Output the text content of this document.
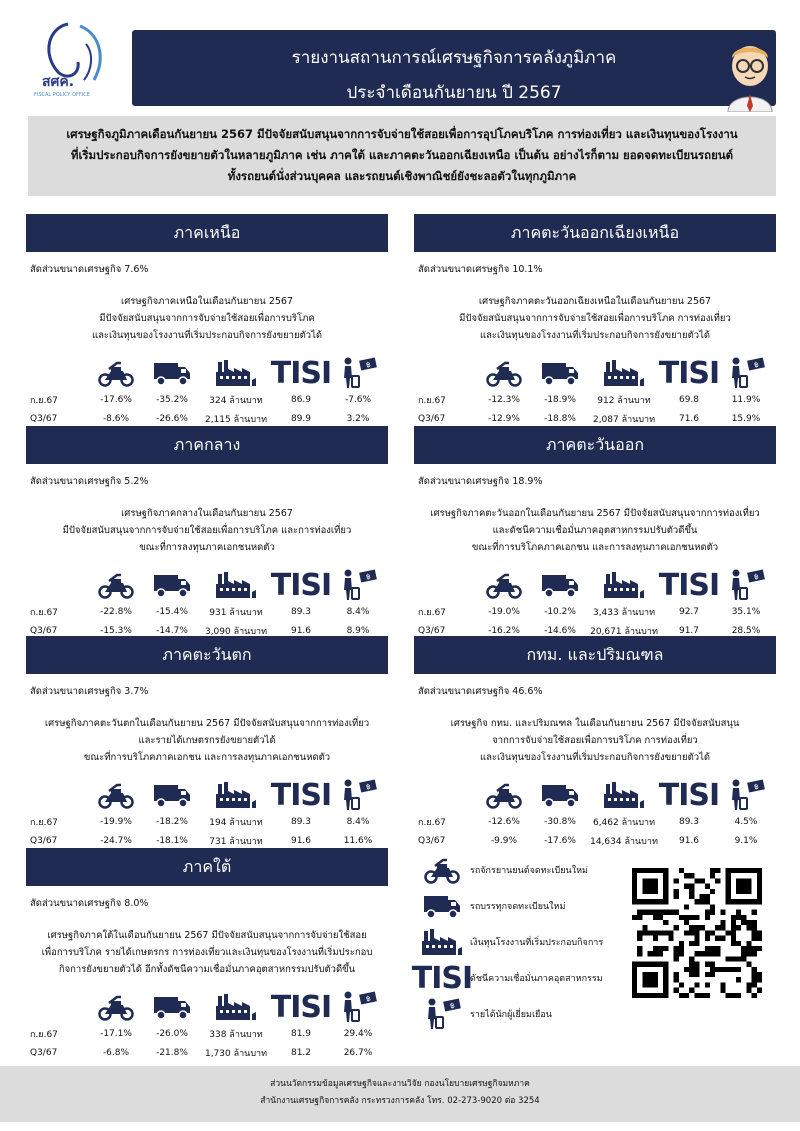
สศค.
FISCAL POLICY OFFICE
รายงานสถานการณ์เศรษฐกิจการคลังภูมิภาค
ประจำเดือนกันยายน ปี 2567
เศรษฐกิจภูมิภาคเดือนกันยายน 2567 มีปัจจัยสนับสนุนจากการจับจ่ายใช้สอยเพื่อการอุปโภคบริโภค การท่องเที่ยว และเงินทุนของโรงงาน
ที่เริ่มประกอบกิจการยังขยายตัวในหลายภูมิภาค เช่น ภาคใต้ และภาคตะวันออกเฉียงเหนือ เป็นต้น อย่างไรก็ตาม ยอดจดทะเบียนรถยนต์
ทั้งรถยนต์นั่งส่วนบุคคล และรถยนต์เชิงพาณิชย์ยังชะลอตัวในทุกภูมิภาค
ภาคเหนือ
สัดส่วนขนาดเศรษฐกิจ 7.6%
เศรษฐกิจภาคเหนือในเดือนกันยายน 2567
มีปัจจัยสนับสนุนจากการจับจ่ายใช้สอยเพื่อการบริโภค
และเงินทุนของโรงงานที่เริ่มประกอบกิจการยังขยายตัวได้
TISI	฿
ก.ย.67	-17.6%	-35.2%	324 ล้านบาท	86.9	-7.6%
Q3/67	-8.6%	-26.6%	2,115 ล้านบาท	89.9	3.2%
ภาคตะวันออกเฉียงเหนือ
สัดส่วนขนาดเศรษฐกิจ 10.1%
เศรษฐกิจภาคตะวันออกเฉียงเหนือในเดือนกันยายน 2567
มีปัจจัยสนับสนุนจากการจับจ่ายใช้สอยเพื่อการบริโภค การท่องเที่ยว
และเงินทุนของโรงงานที่เริ่มประกอบกิจการยังขยายตัวได้
TISI	฿
ก.ย.67	-12.3%	-18.9%	912 ล้านบาท	69.8	11.9%
Q3/67	-12.9%	-18.8%	2,087 ล้านบาท	71.6	15.9%
ภาคกลาง
สัดส่วนขนาดเศรษฐกิจ 5.2%
เศรษฐกิจภาคกลางในเดือนกันยายน 2567
มีปัจจัยสนับสนุนจากการจับจ่ายใช้สอยเพื่อการบริโภค และการท่องเที่ยว
ขณะที่การลงทุนภาคเอกชนหดตัว
TISI	฿
ก.ย.67	-22.8%	-15.4%	931 ล้านบาท	89.3	8.4%
Q3/67	-15.3%	-14.7%	3,090 ล้านบาท	91.6	8.9%
ภาคตะวันออก
สัดส่วนขนาดเศรษฐกิจ 18.9%
เศรษฐกิจภาคตะวันออกในเดือนกันยายน 2567 มีปัจจัยสนับสนุนจากการท่องเที่ยว
และดัชนีความเชื่อมั่นภาคอุตสาหกรรมปรับตัวดีขึ้น
ขณะที่การบริโภคภาคเอกชน และการลงทุนภาคเอกชนหดตัว
TISI	฿
ก.ย.67	-19.0%	-10.2%	3,433 ล้านบาท	92.7	35.1%
Q3/67	-16.2%	-14.6%	20,671 ล้านบาท	91.7	28.5%
ภาคตะวันตก
สัดส่วนขนาดเศรษฐกิจ 3.7%
เศรษฐกิจภาคตะวันตกในเดือนกันยายน 2567 มีปัจจัยสนับสนุนจากการท่องเที่ยว
และรายได้เกษตรกรยังขยายตัวได้
ขณะที่การบริโภคภาคเอกชน และการลงทุนภาคเอกชนหดตัว
TISI	฿
ก.ย.67	-19.9%	-18.2%	194 ล้านบาท	89.3	8.4%
Q3/67	-24.7%	-18.1%	731 ล้านบาท	91.6	11.6%
กทม. และปริมณฑล
สัดส่วนขนาดเศรษฐกิจ 46.6%
เศรษฐกิจ กทม. และปริมณฑล ในเดือนกันยายน 2567 มีปัจจัยสนับสนุน
จากการจับจ่ายใช้สอยเพื่อการบริโภค การท่องเที่ยว
และเงินทุนของโรงงานที่เริ่มประกอบกิจการยังขยายตัวได้
TISI	฿
ก.ย.67	-12.6%	-30.8%	6,462 ล้านบาท	89.3	4.5%
Q3/67	-9.9%	-17.6%	14,634 ล้านบาท	91.6	9.1%
ภาคใต้
สัดส่วนขนาดเศรษฐกิจ 8.0%
เศรษฐกิจภาคใต้ในเดือนกันยายน 2567 มีปัจจัยสนับสนุนจากการจับจ่ายใช้สอย
เพื่อการบริโภค รายได้เกษตรกร การท่องเที่ยวและเงินทุนของโรงงานที่เริ่มประกอบ
กิจการยังขยายตัวได้ อีกทั้งดัชนีความเชื่อมั่นภาคอุตสาหกรรมปรับตัวดีขึ้น
TISI	฿
ก.ย.67	-17.1%	-26.0%	338 ล้านบาท	81.9	29.4%
Q3/67	-6.8%	-21.8%	1,730 ล้านบาท	81.2	26.7%
รถจักรยานยนต์จดทะเบียนใหม่
รถบรรทุกจดทะเบียนใหม่
เงินทุนโรงงานที่เริ่มประกอบกิจการ
TISI
ดัชนีความเชื่อมั่นภาคอุตสาหกรรม
฿
รายได้นักผู้เยี่ยมเยือน
ส่วนนวัตกรรมข้อมูลเศรษฐกิจและงานวิจัย กองนโยบายเศรษฐกิจมหภาค
สำนักงานเศรษฐกิจการคลัง กระทรวงการคลัง โทร. 02-273-9020 ต่อ 3254
